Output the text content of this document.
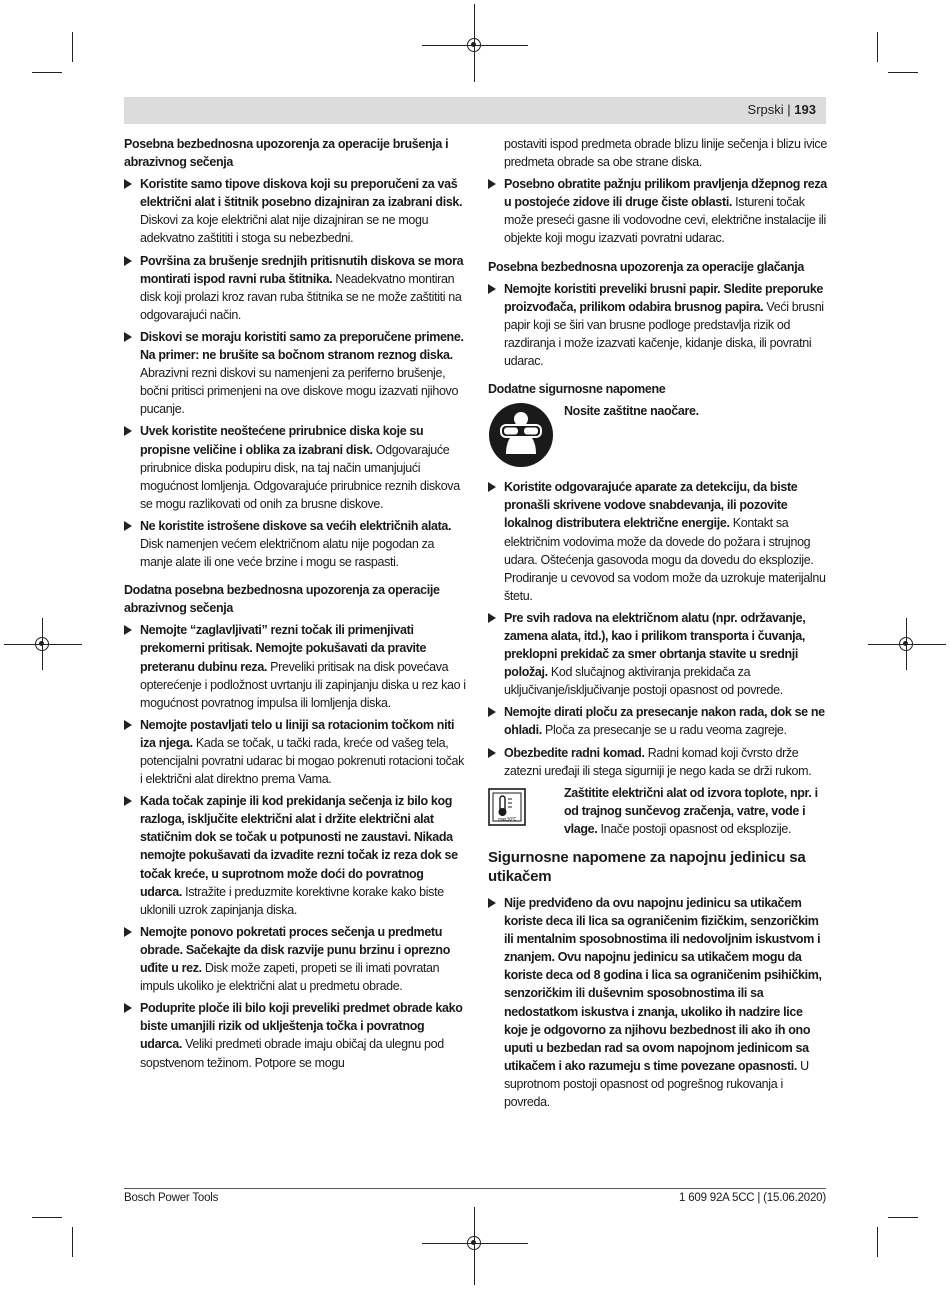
Srpski | 193
Posebna bezbednosna upozorenja za operacije brušenja i abrazivnog sečenja
Koristite samo tipove diskova koji su preporučeni za vaš električni alat i štitnik posebno dizajniran za izabrani disk. Diskovi za koje električni alat nije dizajniran se ne mogu adekvatno zaštititi i stoga su nebezbedni.
Površina za brušenje srednjih pritisnutih diskova se mora montirati ispod ravni ruba štitnika. Neadekvatno montiran disk koji prolazi kroz ravan ruba štitnika se ne može zaštititi na odgovarajući način.
Diskovi se moraju koristiti samo za preporučene primene. Na primer: ne brušite sa bočnom stranom reznog diska. Abrazivni rezni diskovi su namenjeni za periferno brušenje, bočni pritisci primenjeni na ove diskove mogu izazvati njihovo pucanje.
Uvek koristite neoštećene prirubnice diska koje su propisne veličine i oblika za izabrani disk. Odgovarajuće prirubnice diska podupiru disk, na taj način umanjujući mogućnost lomljenja. Odgovarajuće prirubnice reznih diskova se mogu razlikovati od onih za brusne diskove.
Ne koristite istrošene diskove sa većih električnih alata. Disk namenjen većem električnom alatu nije pogodan za manje alate ili one veće brzine i mogu se raspasti.
Dodatna posebna bezbednosna upozorenja za operacije abrazivnog sečenja
Nemojte “zaglavljivati” rezni točak ili primenjivati prekomerni pritisak. Nemojte pokušavati da pravite preteranu dubinu reza. Preveliki pritisak na disk povećava opterećenje i podložnost uvrtanju ili zapinjanju diska u rez kao i mogućnost povratnog impulsa ili lomljenja diska.
Nemojte postavljati telo u liniji sa rotacionim točkom niti iza njega. Kada se točak, u tački rada, kreće od vašeg tela, potencijalni povratni udarac bi mogao pokrenuti rotacioni točak i električni alat direktno prema Vama.
Kada točak zapinje ili kod prekidanja sečenja iz bilo kog razloga, isključite električni alat i držite električni alat statičnim dok se točak u potpunosti ne zaustavi. Nikada nemojte pokušavati da izvadite rezni točak iz reza dok se točak kreće, u suprotnom može doći do povratnog udarca. Istražite i preduzmite korektivne korake kako biste uklonili uzrok zapinjanja diska.
Nemojte ponovo pokretati proces sečenja u predmetu obrade. Sačekajte da disk razvije punu brzinu i oprezno uđite u rez. Disk može zapeti, propeti se ili imati povratan impuls ukoliko je električni alat u predmetu obrade.
Poduprite ploče ili bilo koji preveliki predmet obrade kako biste umanjili rizik od uklještenja točka i povratnog udarca. Veliki predmeti obrade imaju običaj da ulegnu pod sopstvenom težinom. Potpore se mogu
postaviti ispod predmeta obrade blizu linije sečenja i blizu ivice predmeta obrade sa obe strane diska.
Posebno obratite pažnju prilikom pravljenja džepnog reza u postojeće zidove ili druge čiste oblasti. Istureni točak može preseći gasne ili vodovodne cevi, električne instalacije ili objekte koji mogu izazvati povratni udarac.
Posebna bezbednosna upozorenja za operacije glačanja
Nemojte koristiti preveliki brusni papir. Sledite preporuke proizvođača, prilikom odabira brusnog papira. Veći brusni papir koji se širi van brusne podloge predstavlja rizik od razdiranja i može izazvati kačenje, kidanje diska, ili povratni udarac.
Dodatne sigurnosne napomene
Nosite zaštitne naočare.
Koristite odgovarajuće aparate za detekciju, da biste pronašli skrivene vodove snabdevanja, ili pozovite lokalnog distributera električne energije. Kontakt sa električnim vodovima može da dovede do požara i strujnog udara. Oštećenja gasovoda mogu da dovedu do eksplozije. Prodiranje u cevovod sa vodom može da uzrokuje materijalnu štetu.
Pre svih radova na električnom alatu (npr. održavanje, zamena alata, itd.), kao i prilikom transporta i čuvanja, preklopni prekidač za smer obrtanja stavite u srednji položaj. Kod slučajnog aktiviranja prekidača za uključivanje/isključivanje postoji opasnost od povrede.
Nemojte dirati ploču za presecanje nakon rada, dok se ne ohladi. Ploča za presecanje se u radu veoma zagreje.
Obezbedite radni komad. Radni komad koji čvrsto drže zatezni uređaji ili stega sigurniji je nego kada se drži rukom.
max.50°C
Zaštitite električni alat od izvora toplote, npr. i od trajnog sunčevog zračenja, vatre, vode i vlage. Inače postoji opasnost od eksplozije.
Sigurnosne napomene za napojnu jedinicu sa utikačem
Nije predviđeno da ovu napojnu jedinicu sa utikačem koriste deca ili lica sa ograničenim fizičkim, senzoričkim ili mentalnim sposobnostima ili nedovoljnim iskustvom i znanjem. Ovu napojnu jedinicu sa utikačem mogu da koriste deca od 8 godina i lica sa ograničenim psihičkim, senzoričkim ili duševnim sposobnostima ili sa nedostatkom iskustva i znanja, ukoliko ih nadzire lice koje je odgovorno za njihovu bezbednost ili ako ih ono uputi u bezbedan rad sa ovom napojnom jedinicom sa utikačem i ako razumeju s time povezane opasnosti. U suprotnom postoji opasnost od pogrešnog rukovanja i povreda.
Bosch Power Tools	1 609 92A 5CC | (15.06.2020)
